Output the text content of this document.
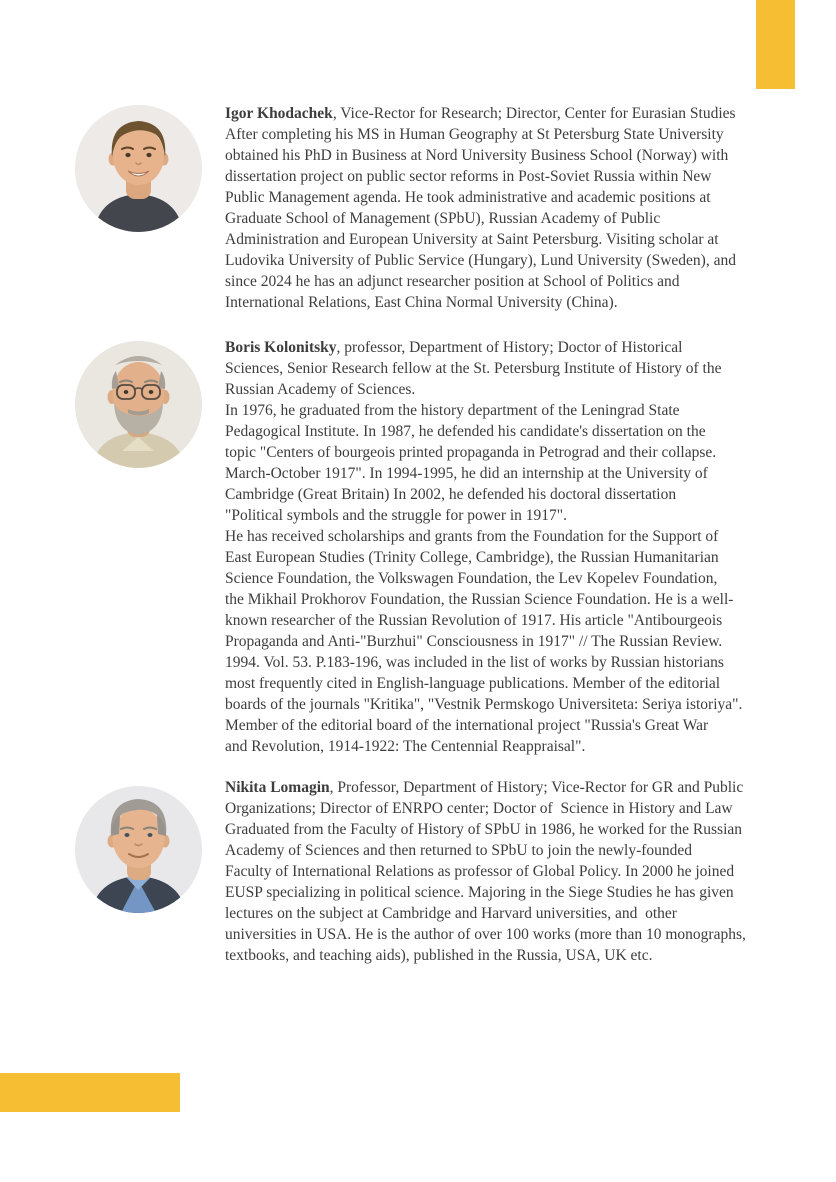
Igor Khodachek, Vice-Rector for Research; Director, Center for Eurasian Studies
After completing his MS in Human Geography at St Petersburg State University
obtained his PhD in Business at Nord University Business School (Norway) with
dissertation project on public sector reforms in Post-Soviet Russia within New
Public Management agenda. He took administrative and academic positions at
Graduate School of Management (SPbU), Russian Academy of Public
Administration and European University at Saint Petersburg. Visiting scholar at
Ludovika University of Public Service (Hungary), Lund University (Sweden), and
since 2024 he has an adjunct researcher position at School of Politics and
International Relations, East China Normal University (China).
Boris Kolonitsky, professor, Department of History; Doctor of Historical
Sciences, Senior Research fellow at the St. Petersburg Institute of History of the
Russian Academy of Sciences.
In 1976, he graduated from the history department of the Leningrad State
Pedagogical Institute. In 1987, he defended his candidate's dissertation on the
topic "Centers of bourgeois printed propaganda in Petrograd and their collapse.
March-October 1917". In 1994-1995, he did an internship at the University of
Cambridge (Great Britain) In 2002, he defended his doctoral dissertation
"Political symbols and the struggle for power in 1917".
He has received scholarships and grants from the Foundation for the Support of
East European Studies (Trinity College, Cambridge), the Russian Humanitarian
Science Foundation, the Volkswagen Foundation, the Lev Kopelev Foundation,
the Mikhail Prokhorov Foundation, the Russian Science Foundation. He is a well-
known researcher of the Russian Revolution of 1917. His article "Antibourgeois
Propaganda and Anti-"Burzhui" Consciousness in 1917" // The Russian Review.
1994. Vol. 53. P.183-196, was included in the list of works by Russian historians
most frequently cited in English-language publications. Member of the editorial
boards of the journals "Kritika", "Vestnik Permskogo Universiteta: Seriya istoriya".
Member of the editorial board of the international project "Russia's Great War
and Revolution, 1914-1922: The Centennial Reappraisal".
Nikita Lomagin, Professor, Department of History; Vice-Rector for GR and Public
Organizations; Director of ENRPO center; Doctor of  Science in History and Law
Graduated from the Faculty of History of SPbU in 1986, he worked for the Russian
Academy of Sciences and then returned to SPbU to join the newly-founded
Faculty of International Relations as professor of Global Policy. In 2000 he joined
EUSP specializing in political science. Majoring in the Siege Studies he has given
lectures on the subject at Cambridge and Harvard universities, and  other
universities in USA. He is the author of over 100 works (more than 10 monographs,
textbooks, and teaching aids), published in the Russia, USA, UK etc.
